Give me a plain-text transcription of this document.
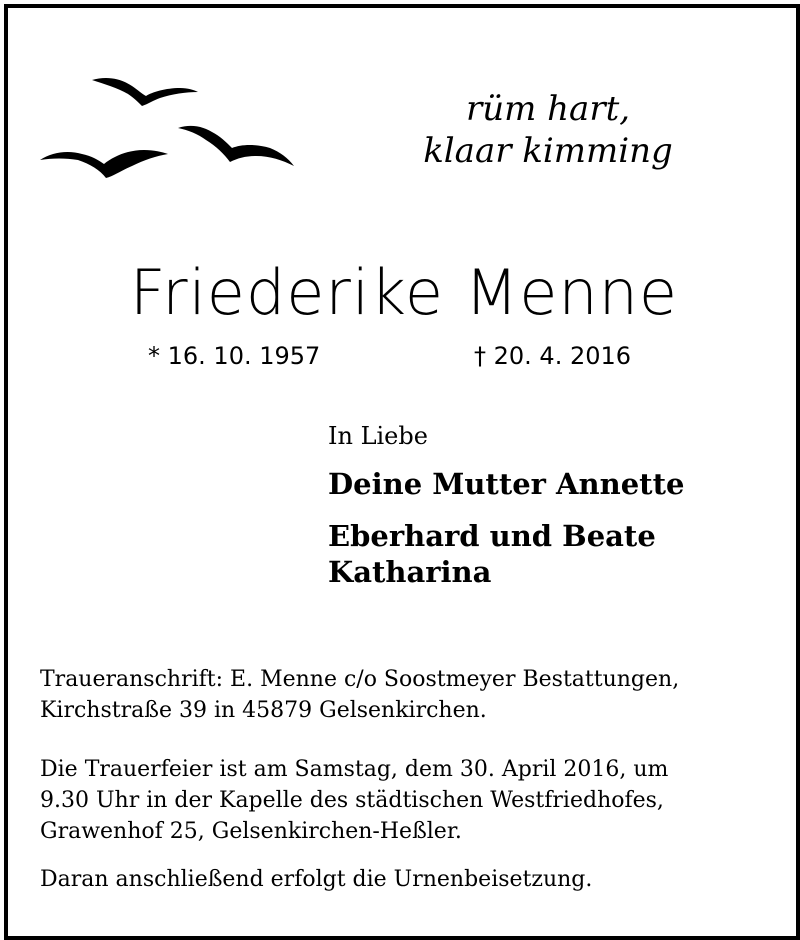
rüm hart,
klaar kimming
Friederike Menne
* 16. 10. 1957	† 20. 4. 2016
In Liebe
Deine Mutter Annette
Eberhard und Beate
Katharina
Traueranschrift: E. Menne c/o Soostmeyer Bestattungen,
Kirchstraße 39 in 45879 Gelsenkirchen.
Die Trauerfeier ist am Samstag, dem 30. April 2016, um
9.30 Uhr in der Kapelle des städtischen Westfriedhofes,
Grawenhof 25, Gelsenkirchen-Heßler.
Daran anschließend erfolgt die Urnenbeisetzung.
